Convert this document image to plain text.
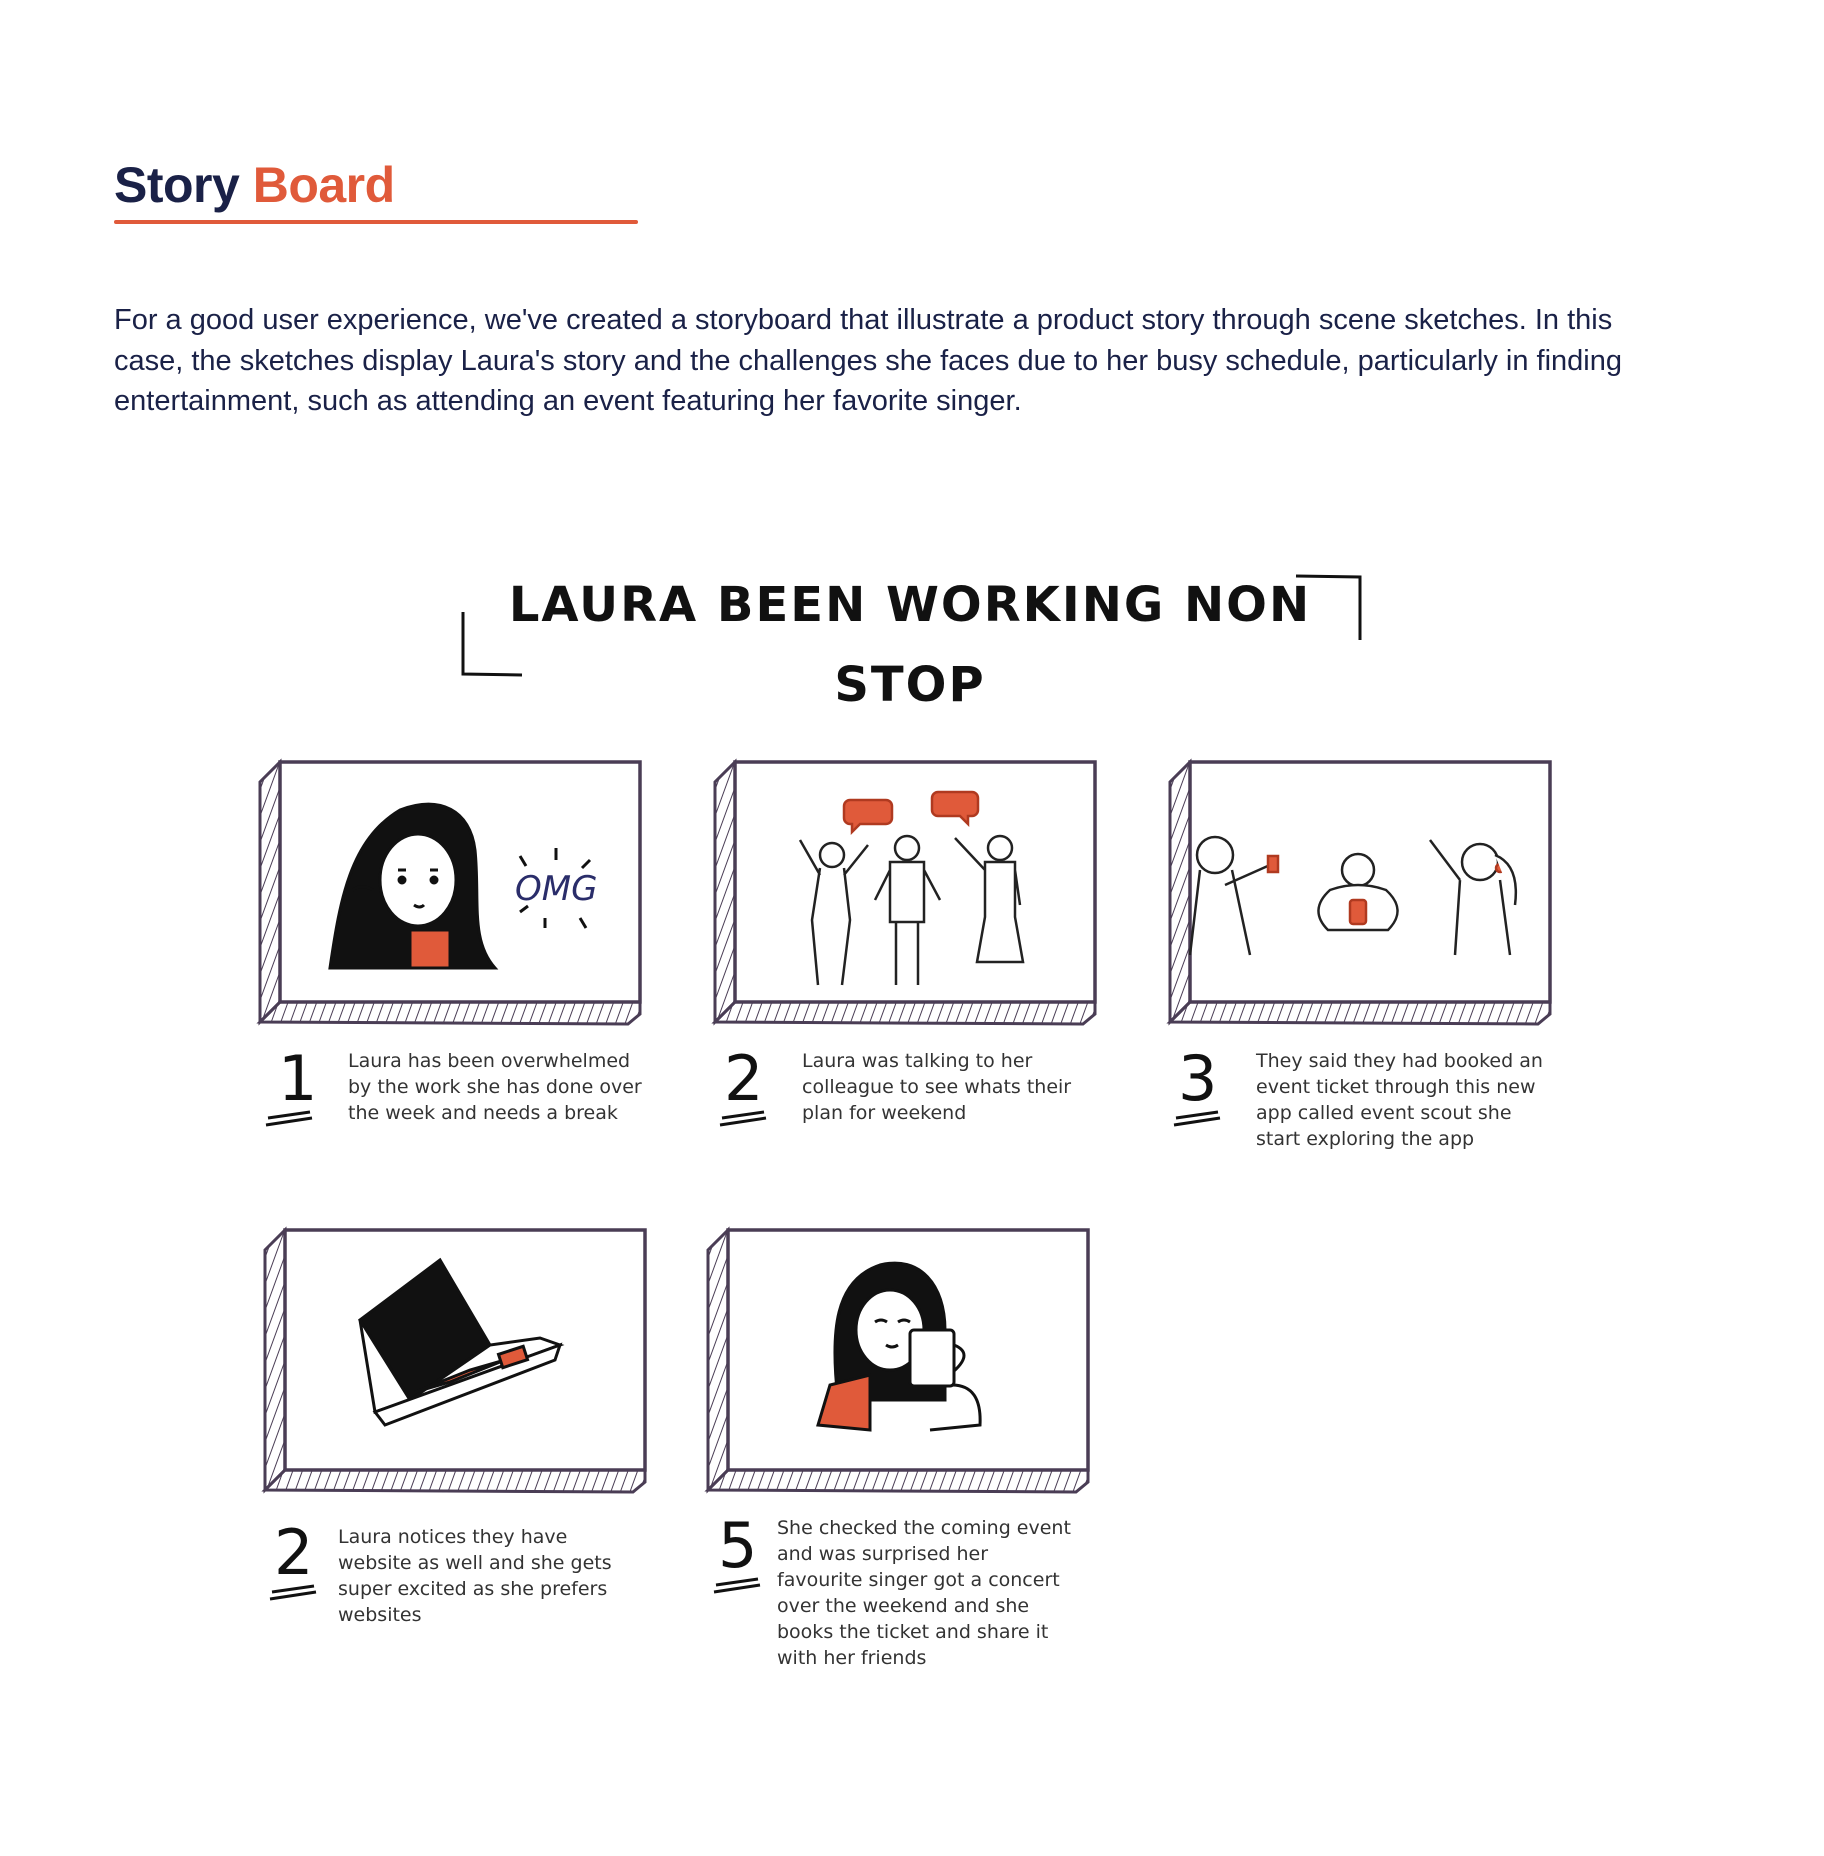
Story Board

For a good user experience, we've created a storyboard that illustrate a product story through scene sketches. In this case, the sketches display Laura's story and the challenges she faces due to her busy schedule, particularly in finding entertainment, such as attending an event featuring her favorite singer.

LAURA BEEN WORKING NON STOP
OMG
1	2	3
2	5

Laura has been overwhelmed by the work she has done over the week and needs a break

Laura was talking to her colleague to see whats their plan for weekend

They said they had booked an event ticket through this new app called event scout she start exploring the app

Laura notices they have website as well and she gets super excited as she prefers websites

She checked the coming event and was surprised her favourite singer got a concert over the weekend and she books the ticket and share it with her friends
